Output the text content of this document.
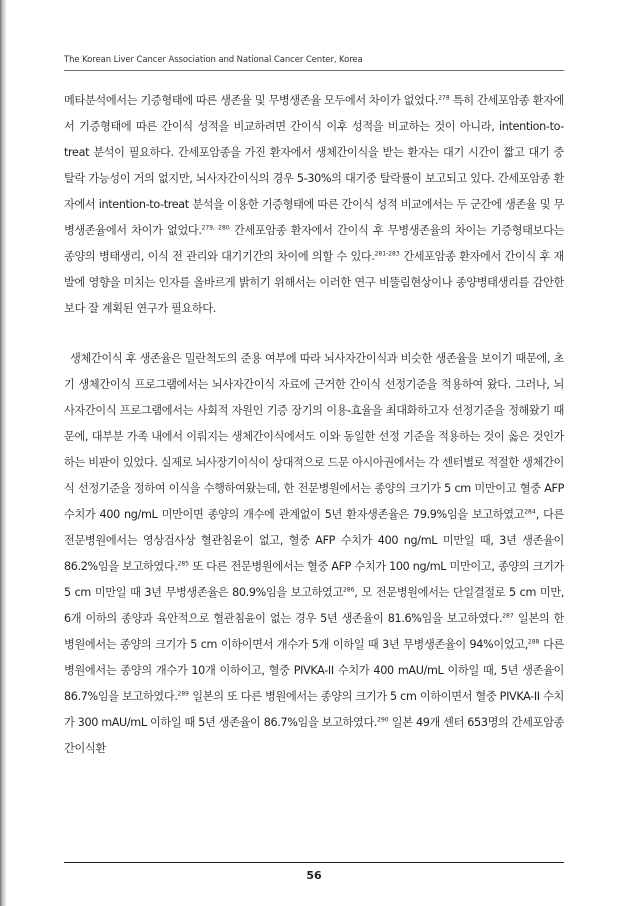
The Korean Liver Cancer Association and National Cancer Center, Korea

메타분석에서는 기증형태에 따른 생존율 및 무병생존율 모두에서 차이가 없었다.$^{278}$ 특히 간세포암종 환자에서 기증형태에 따른 간이식 성적을 비교하려면 간이식 이후 성적을 비교하는 것이 아니라, intention-to-treat 분석이 필요하다. 간세포암종을 가진 환자에서 생체간이식을 받는 환자는 대기 시간이 짧고 대기 중 탈락 가능성이 거의 없지만, 뇌사자간이식의 경우 5-30%의 대기중 탈락률이 보고되고 있다. 간세포암종 환자에서 intention-to-treat 분석을 이용한 기증형태에 따른 간이식 성적 비교에서는 두 군간에 생존율 및 무병생존율에서 차이가 없었다.$^{279, 280}$ 간세포암종 환자에서 간이식 후 무병생존율의 차이는 기증형태보다는 종양의 병태생리, 이식 전 관리와 대기기간의 차이에 의할 수 있다.$^{281-283}$ 간세포암종 환자에서 간이식 후 재발에 영향을 미치는 인자를 올바르게 밝히기 위해서는 이러한 연구 비뚤림현상이나 종양병태생리를 감안한 보다 잘 계획된 연구가 필요하다.

생체간이식 후 생존율은 밀란척도의 준용 여부에 따라 뇌사자간이식과 비슷한 생존율을 보이기 때문에, 초기 생체간이식 프로그램에서는 뇌사자간이식 자료에 근거한 간이식 선정기준을 적용하여 왔다. 그러나, 뇌사자간이식 프로그램에서는 사회적 자원인 기증 장기의 이용-효율을 최대화하고자 선정기준을 정해왔기 때문에, 대부분 가족 내에서 이뤄지는 생체간이식에서도 이와 동일한 선정 기준을 적용하는 것이 옳은 것인가 하는 비판이 있었다. 실제로 뇌사장기이식이 상대적으로 드문 아시아권에서는 각 센터별로 적절한 생체간이식 선정기준을 정하여 이식을 수행하여왔는데, 한 전문병원에서는 종양의 크기가 5 cm 미만이고 혈중 AFP 수치가 400 ng/mL 미만이면 종양의 개수에 관계없이 5년 환자생존율은 79.9%임을 보고하였고$^{284}$, 다른 전문병원에서는 영상검사상 혈관침윤이 없고, 혈중 AFP 수치가 400 ng/mL 미만일 때, 3년 생존율이 86.2%임을 보고하였다.$^{285}$ 또 다른 전문병원에서는 혈중 AFP 수치가 100 ng/mL 미만이고, 종양의 크기가 5 cm 미만일 때 3년 무병생존율은 80.9%임을 보고하였고$^{286}$, 모 전문병원에서는 단일결절로 5 cm 미만, 6개 이하의 종양과 육안적으로 혈관침윤이 없는 경우 5년 생존율이 81.6%임을 보고하였다.$^{287}$ 일본의 한 병원에서는 종양의 크기가 5 cm 이하이면서 개수가 5개 이하일 때 3년 무병생존율이 94%이었고,$^{288}$ 다른 병원에서는 종양의 개수가 10개 이하이고, 혈중 PIVKA-II 수치가 400 mAU/mL 이하일 때, 5년 생존율이 86.7%임을 보고하였다.$^{289}$ 일본의 또 다른 병원에서는 종양의 크기가 5 cm 이하이면서 혈중 PIVKA-II 수치가 300 mAU/mL 이하일 때 5년 생존율이 86.7%임을 보고하였다.$^{290}$ 일본 49개 센터 653명의 간세포암종 간이식환

56
